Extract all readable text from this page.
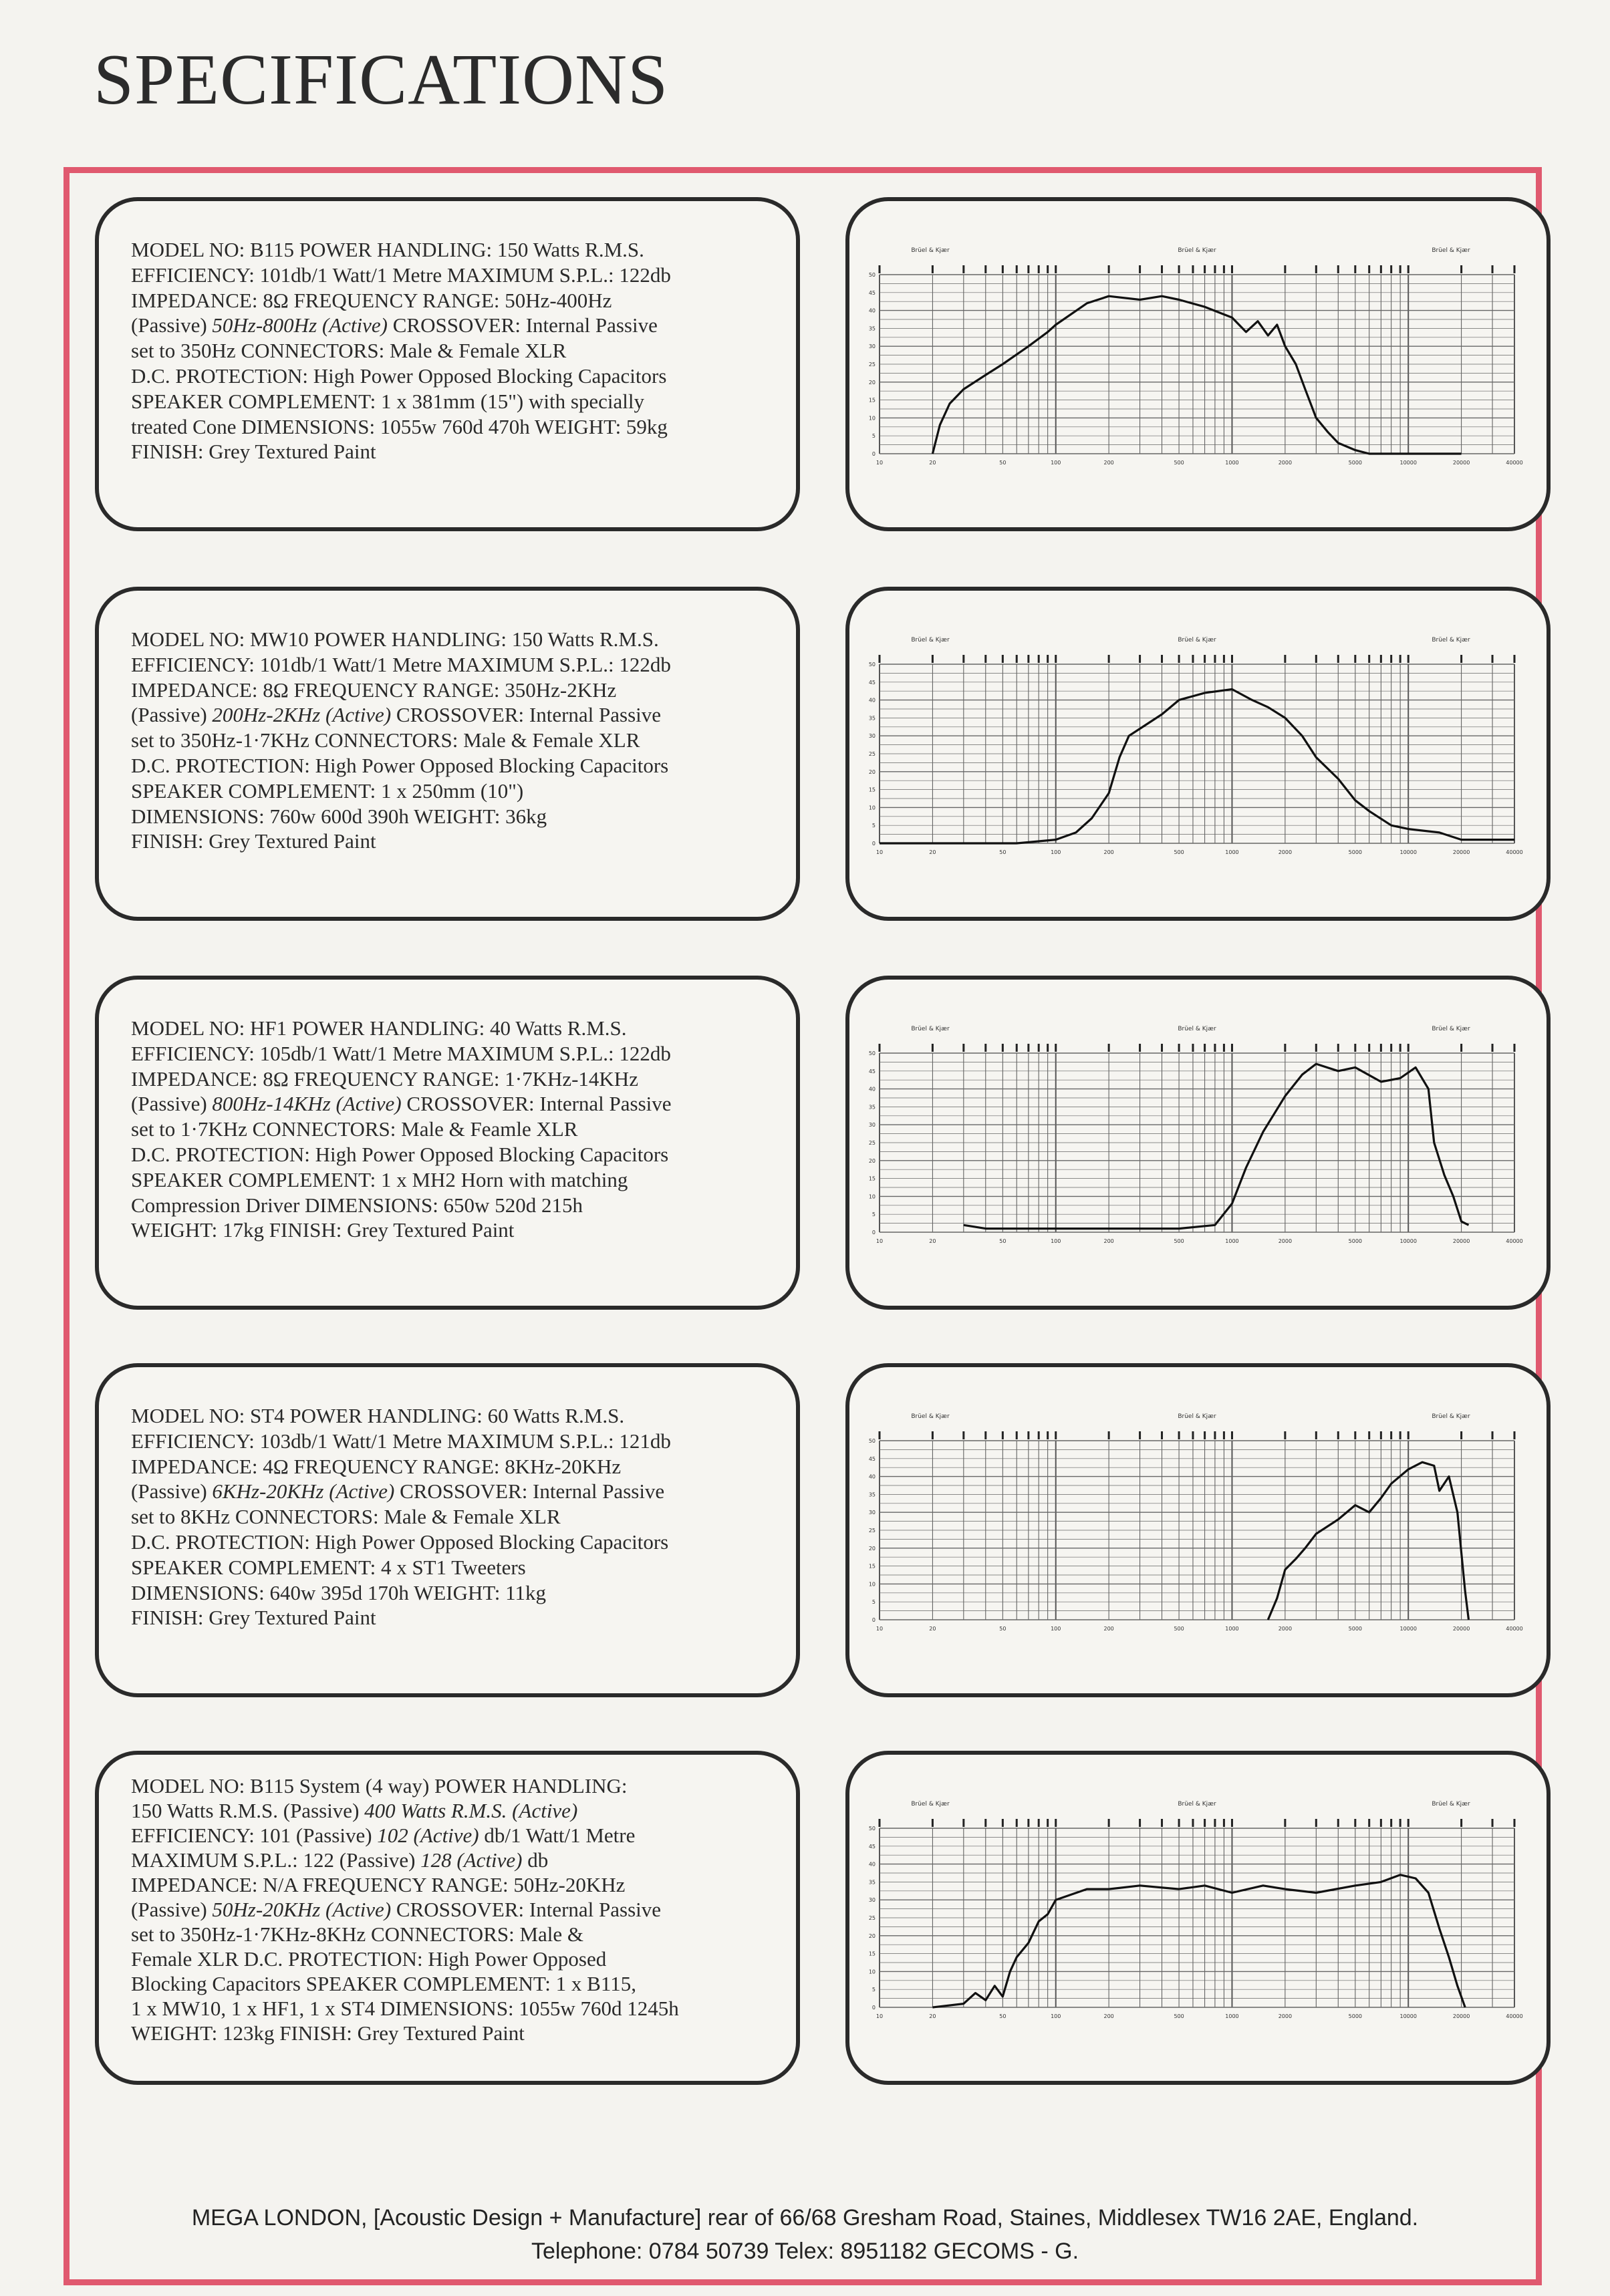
SPECIFICATIONS
MODEL NO: B115 POWER HANDLING: 150 Watts R.M.S.
EFFICIENCY: 101db/1 Watt/1 Metre MAXIMUM S.P.L.: 122db
IMPEDANCE: 8Ω FREQUENCY RANGE: 50Hz-400Hz
(Passive) 50Hz-800Hz (Active) CROSSOVER: Internal Passive
set to 350Hz CONNECTORS: Male & Female XLR
D.C. PROTECTiON: High Power Opposed Blocking Capacitors
SPEAKER COMPLEMENT: 1 x 381mm (15") with specially
treated Cone DIMENSIONS: 1055w 760d 470h WEIGHT: 59kg
FINISH: Grey Textured Paint
Brüel & Kjær	Brüel & Kjær	Brüel & Kjær
0
5
10
15
20
25
30
35
40
45
50
10	20	50	100	200	500	1000	2000	5000	10000	20000	40000
MODEL NO: MW10 POWER HANDLING: 150 Watts R.M.S.
EFFICIENCY: 101db/1 Watt/1 Metre MAXIMUM S.P.L.: 122db
IMPEDANCE: 8Ω FREQUENCY RANGE: 350Hz-2KHz
(Passive) 200Hz-2KHz (Active) CROSSOVER: Internal Passive
set to 350Hz-1·7KHz CONNECTORS: Male & Female XLR
D.C. PROTECTION: High Power Opposed Blocking Capacitors
SPEAKER COMPLEMENT: 1 x 250mm (10")
DIMENSIONS: 760w 600d 390h WEIGHT: 36kg
FINISH: Grey Textured Paint
Brüel & Kjær	Brüel & Kjær	Brüel & Kjær
0
5
10
15
20
25
30
35
40
45
50
10	20	50	100	200	500	1000	2000	5000	10000	20000	40000
MODEL NO: HF1 POWER HANDLING: 40 Watts R.M.S.
EFFICIENCY: 105db/1 Watt/1 Metre MAXIMUM S.P.L.: 122db
IMPEDANCE: 8Ω FREQUENCY RANGE: 1·7KHz-14KHz
(Passive) 800Hz-14KHz (Active) CROSSOVER: Internal Passive
set to 1·7KHz CONNECTORS: Male & Feamle XLR
D.C. PROTECTION: High Power Opposed Blocking Capacitors
SPEAKER COMPLEMENT: 1 x MH2 Horn with matching
Compression Driver DIMENSIONS: 650w 520d 215h
WEIGHT: 17kg FINISH: Grey Textured Paint
Brüel & Kjær	Brüel & Kjær	Brüel & Kjær
0
5
10
15
20
25
30
35
40
45
50
10	20	50	100	200	500	1000	2000	5000	10000	20000	40000
MODEL NO: ST4 POWER HANDLING: 60 Watts R.M.S.
EFFICIENCY: 103db/1 Watt/1 Metre MAXIMUM S.P.L.: 121db
IMPEDANCE: 4Ω FREQUENCY RANGE: 8KHz-20KHz
(Passive) 6KHz-20KHz (Active) CROSSOVER: Internal Passive
set to 8KHz CONNECTORS: Male & Female XLR
D.C. PROTECTION: High Power Opposed Blocking Capacitors
SPEAKER COMPLEMENT: 4 x ST1 Tweeters
DIMENSIONS: 640w 395d 170h WEIGHT: 11kg
FINISH: Grey Textured Paint
Brüel & Kjær	Brüel & Kjær	Brüel & Kjær
0
5
10
15
20
25
30
35
40
45
50
10	20	50	100	200	500	1000	2000	5000	10000	20000	40000
MODEL NO: B115 System (4 way) POWER HANDLING:
150 Watts R.M.S. (Passive) 400 Watts R.M.S. (Active)
EFFICIENCY: 101 (Passive) 102 (Active) db/1 Watt/1 Metre
MAXIMUM S.P.L.: 122 (Passive) 128 (Active) db
IMPEDANCE: N/A FREQUENCY RANGE: 50Hz-20KHz
(Passive) 50Hz-20KHz (Active) CROSSOVER: Internal Passive
set to 350Hz-1·7KHz-8KHz CONNECTORS: Male &
Female XLR D.C. PROTECTION: High Power Opposed
Blocking Capacitors SPEAKER COMPLEMENT: 1 x B115,
1 x MW10, 1 x HF1, 1 x ST4 DIMENSIONS: 1055w 760d 1245h
WEIGHT: 123kg FINISH: Grey Textured Paint
Brüel & Kjær	Brüel & Kjær	Brüel & Kjær
0
5
10
15
20
25
30
35
40
45
50
10	20	50	100	200	500	1000	2000	5000	10000	20000	40000
MEGA LONDON, [Acoustic Design + Manufacture] rear of 66/68 Gresham Road, Staines, Middlesex TW16 2AE, England.
Telephone: 0784 50739 Telex: 8951182 GECOMS - G.
